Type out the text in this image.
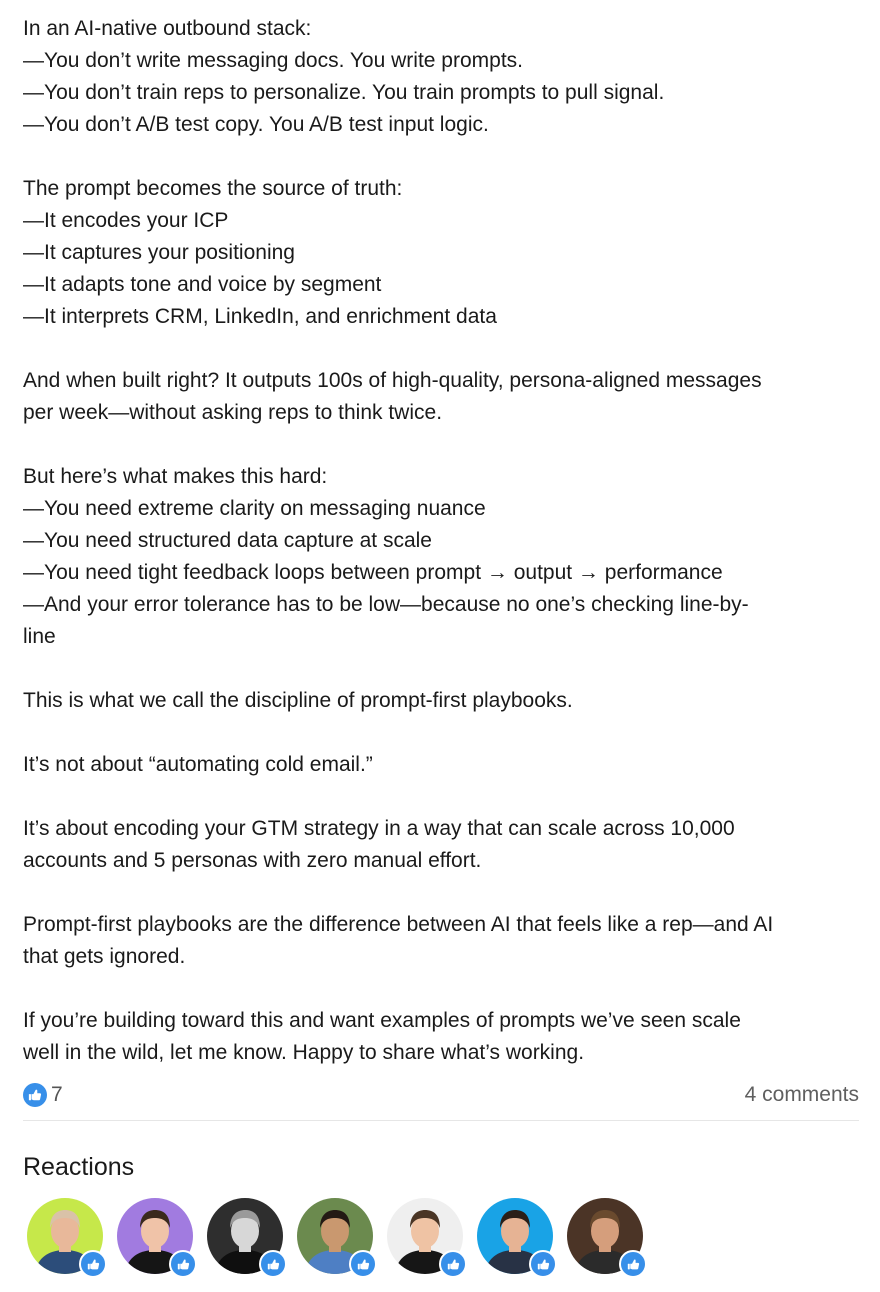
In an AI-native outbound stack:
—You don’t write messaging docs. You write prompts.
—You don’t train reps to personalize. You train prompts to pull signal.
—You don’t A/B test copy. You A/B test input logic.
The prompt becomes the source of truth:
—It encodes your ICP
—It captures your positioning
—It adapts tone and voice by segment
—It interprets CRM, LinkedIn, and enrichment data
And when built right? It outputs 100s of high-quality, persona-aligned messages
per week—without asking reps to think twice.
But here’s what makes this hard:
—You need extreme clarity on messaging nuance
—You need structured data capture at scale
—You need tight feedback loops between prompt → output → performance
—And your error tolerance has to be low—because no one’s checking line-by-
line
This is what we call the discipline of prompt-first playbooks.
It’s not about “automating cold email.”
It’s about encoding your GTM strategy in a way that can scale across 10,000
accounts and 5 personas with zero manual effort.
Prompt-first playbooks are the difference between AI that feels like a rep—and AI
that gets ignored.
If you’re building toward this and want examples of prompts we’ve seen scale
well in the wild, let me know. Happy to share what’s working.
7	4 comments
Reactions
